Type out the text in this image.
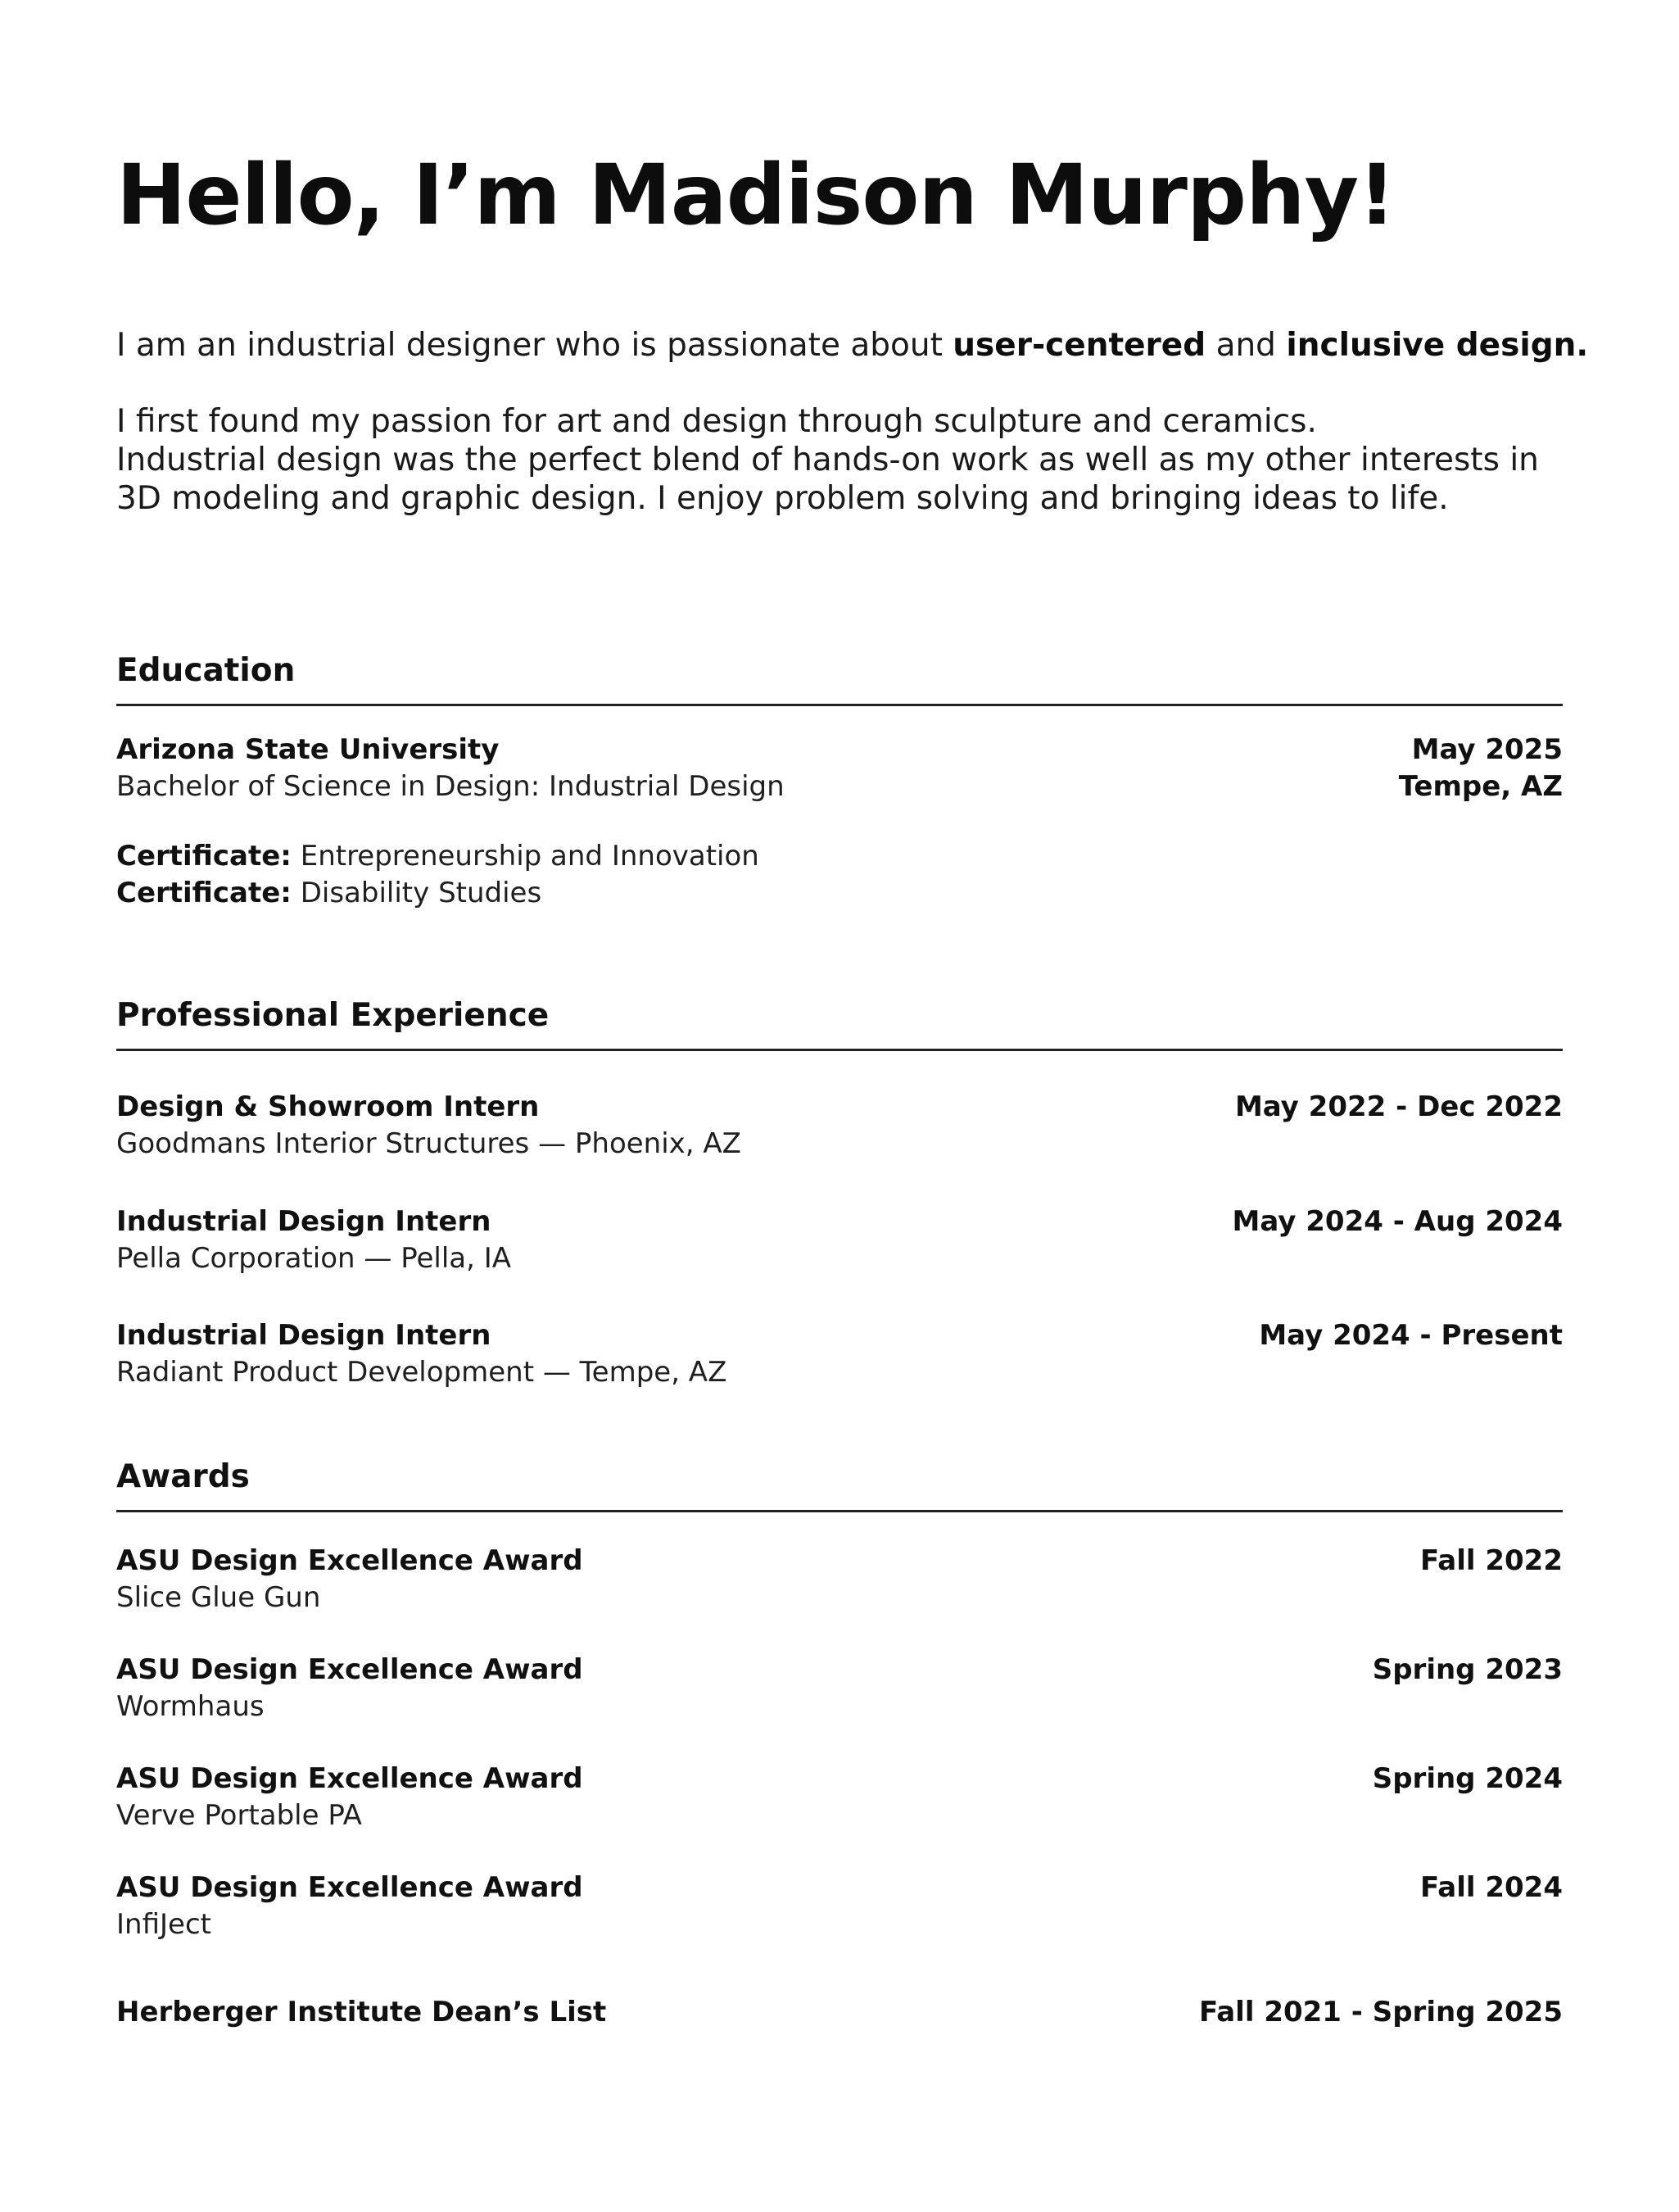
Hello, I’m Madison Murphy!

I am an industrial designer who is passionate about user-centered and inclusive design.

I first found my passion for art and design through sculpture and ceramics.
Industrial design was the perfect blend of hands-on work as well as my other interests in
3D modeling and graphic design. I enjoy problem solving and bringing ideas to life.

Education
Arizona State University
Bachelor of Science in Design: Industrial Design
May 2025
Tempe, AZ
Certificate: Entrepreneurship and Innovation
Certificate: Disability Studies
Professional Experience
Design & Showroom Intern
Goodmans Interior Structures — Phoenix, AZ
May 2022 - Dec 2022
Industrial Design Intern
Pella Corporation — Pella, IA
May 2024 - Aug 2024
Industrial Design Intern
Radiant Product Development — Tempe, AZ
May 2024 - Present
Awards
ASU Design Excellence Award
Slice Glue Gun
Fall 2022
ASU Design Excellence Award
Wormhaus
Spring 2023
ASU Design Excellence Award
Verve Portable PA
Spring 2024
ASU Design Excellence Award
InfiJect
Fall 2024
Herberger Institute Dean’s List	Fall 2021 - Spring 2025
